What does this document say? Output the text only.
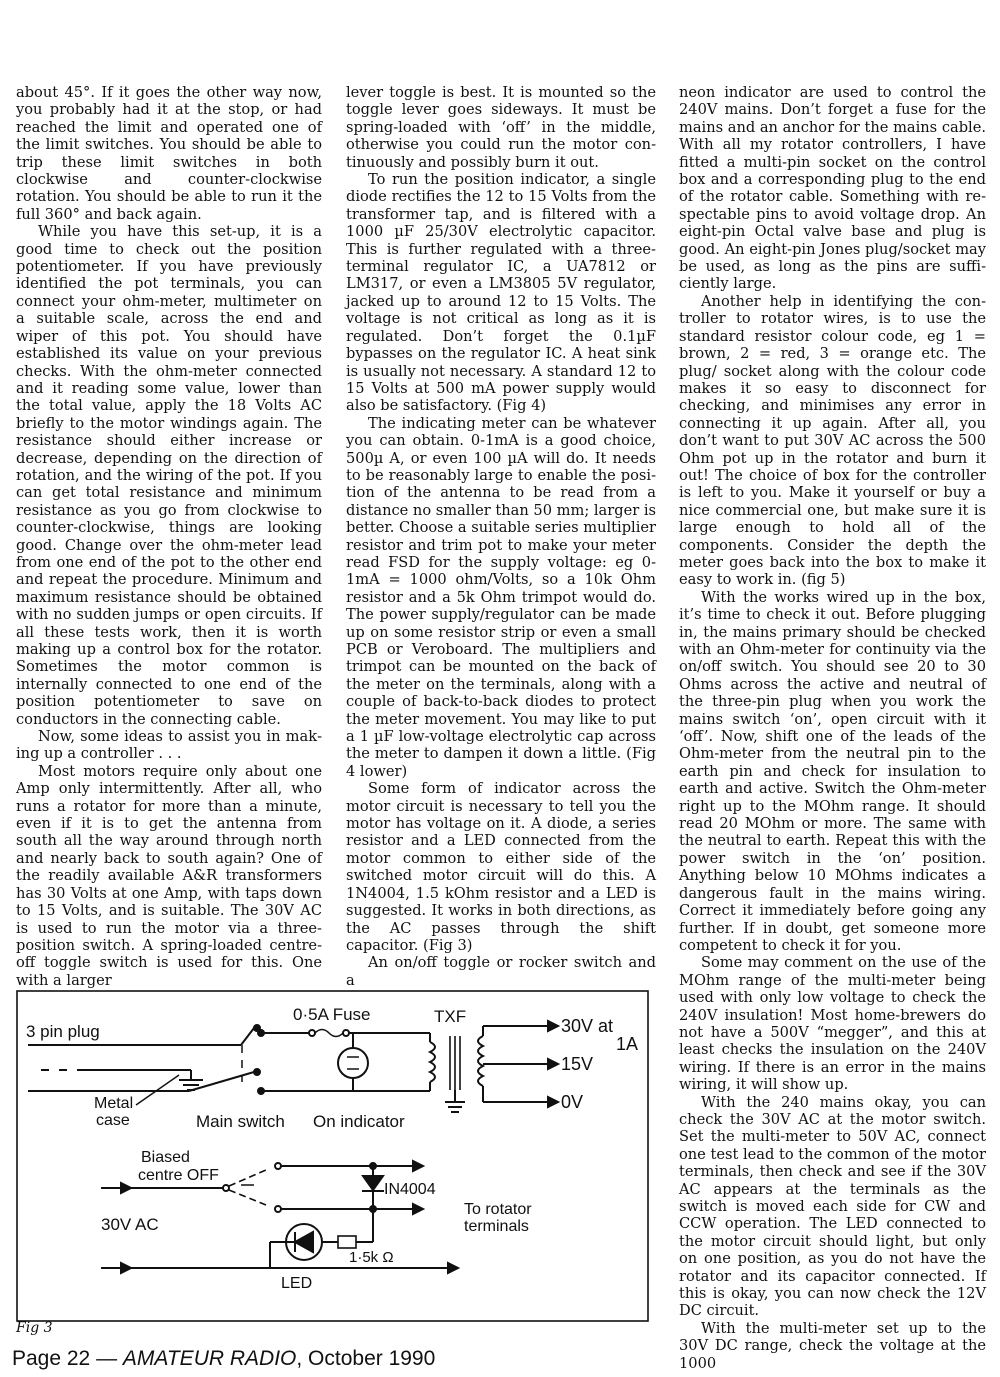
about 45°. If it goes the other way now, you probably had it at the stop, or had reached the limit and operated one of the limit switches. You should be able to trip these limit switches in both clockwise and counter-clockwise rotation. You should be able to run it the full 360° and back again.

While you have this set-up, it is a good time to check out the position potentiometer. If you have previously identified the pot terminals, you can connect your ohm-meter, multimeter on a suitable scale, across the end and wiper of this pot. You should have established its value on your previous checks. With the ohm-meter connected and it reading some value, lower than the total value, apply the 18 Volts AC briefly to the motor windings again. The resistance should either increase or decrease, depending on the direction of rotation, and the wiring of the pot. If you can get total resistance and minimum resistance as you go from clockwise to counter-clockwise, things are looking good. Change over the ohm-meter lead from one end of the pot to the other end and repeat the procedure. Minimum and maximum resistance should be obtained with no sudden jumps or open circuits. If all these tests work, then it is worth making up a control box for the rotator. Sometimes the motor common is internally connected to one end of the position potentiometer to save on conductors in the connecting cable.

Now, some ideas to assist you in making up a controller . . .

Most motors require only about one Amp only intermittently. After all, who runs a rotator for more than a minute, even if it is to get the antenna from south all the way around through north and nearly back to south again? One of the readily available A&R transformers has 30 Volts at one Amp, with taps down to 15 Volts, and is suitable. The 30V AC is used to run the motor via a three-position switch. A spring-loaded centre-off toggle switch is used for this. One with a larger

lever toggle is best. It is mounted so the toggle lever goes sideways. It must be spring-loaded with ‘off’ in the middle, otherwise you could run the motor continuously and possibly burn it out.

To run the position indicator, a single diode rectifies the 12 to 15 Volts from the transformer tap, and is filtered with a 1000 µF 25/30V electrolytic capacitor. This is further regulated with a three-terminal regulator IC, a UA7812 or LM317, or even a LM3805 5V regulator, jacked up to around 12 to 15 Volts. The voltage is not critical as long as it is regulated. Don’t forget the 0.1µF bypasses on the regulator IC. A heat sink is usually not necessary. A standard 12 to 15 Volts at 500 mA power supply would also be satisfactory. (Fig 4)

The indicating meter can be whatever you can obtain. 0-1mA is a good choice, 500µ A, or even 100 µA will do. It needs to be reasonably large to enable the position of the antenna to be read from a distance no smaller than 50 mm; larger is better. Choose a suitable series multiplier resistor and trim pot to make your meter read FSD for the supply voltage: eg 0-1mA = 1000 ohm/Volts, so a 10k Ohm resistor and a 5k Ohm trimpot would do. The power supply/regulator can be made up on some resistor strip or even a small PCB or Veroboard. The multipliers and trimpot can be mounted on the back of the meter on the terminals, along with a couple of back-to-back diodes to protect the meter movement. You may like to put a 1 µF low-voltage electrolytic cap across the meter to dampen it down a little. (Fig 4 lower)

Some form of indicator across the motor circuit is necessary to tell you the motor has voltage on it. A diode, a series resistor and a LED connected from the motor common to either side of the switched motor circuit will do this. A 1N4004, 1.5 kOhm resistor and a LED is suggested. It works in both directions, as the AC passes through the shift capacitor. (Fig 3)

An on/off toggle or rocker switch and a

neon indicator are used to control the 240V mains. Don’t forget a fuse for the mains and an anchor for the mains cable. With all my rotator controllers, I have fitted a multi-pin socket on the control box and a corresponding plug to the end of the rotator cable. Something with respectable pins to avoid voltage drop. An eight-pin Octal valve base and plug is good. An eight-pin Jones plug/socket may be used, as long as the pins are sufficiently large.

Another help in identifying the controller to rotator wires, is to use the standard resistor colour code, eg 1 = brown, 2 = red, 3 = orange etc. The plug/ socket along with the colour code makes it so easy to disconnect for checking, and minimises any error in connecting it up again. After all, you don’t want to put 30V AC across the 500 Ohm pot up in the rotator and burn it out! The choice of box for the controller is left to you. Make it yourself or buy a nice commercial one, but make sure it is large enough to hold all of the components. Consider the depth the meter goes back into the box to make it easy to work in. (fig 5)

With the works wired up in the box, it’s time to check it out. Before plugging in, the mains primary should be checked with an Ohm-meter for continuity via the on/off switch. You should see 20 to 30 Ohms across the active and neutral of the three-pin plug when you work the mains switch ‘on’, open circuit with it ‘off’. Now, shift one of the leads of the Ohm-meter from the neutral pin to the earth pin and check for insulation to earth and active. Switch the Ohm-meter right up to the MOhm range. It should read 20 MOhm or more. The same with the neutral to earth. Repeat this with the power switch in the ‘on’ position. Anything below 10 MOhms indicates a dangerous fault in the mains wiring. Correct it immediately before going any further. If in doubt, get someone more competent to check it for you.

Some may comment on the use of the MOhm range of the multi-meter being used with only low voltage to check the 240V insulation! Most home-brewers do not have a 500V “megger”, and this at least checks the insulation on the 240V wiring. If there is an error in the mains wiring, it will show up.

With the 240 mains okay, you can check the 30V AC at the motor switch. Set the multi-meter to 50V AC, connect one test lead to the common of the motor terminals, then check and see if the 30V AC appears at the terminals as the switch is moved each side for CW and CCW operation. The LED connected to the motor circuit should light, but only on one position, as you do not have the rotator and its capacitor connected. If this is okay, you can now check the 12V DC circuit.

With the multi-meter set up to the 30V DC range, check the voltage at the 1000

3 pin plug
Metal
case	Main switch
0·5A Fuse
On indicator
TXF	30V at
1A
15V
0V
Biased
centre OFF
To rotator
terminals
IN4004
1·5k Ω
LED
30V AC
Fig 3
Page 22 — AMATEUR RADIO, October 1990
